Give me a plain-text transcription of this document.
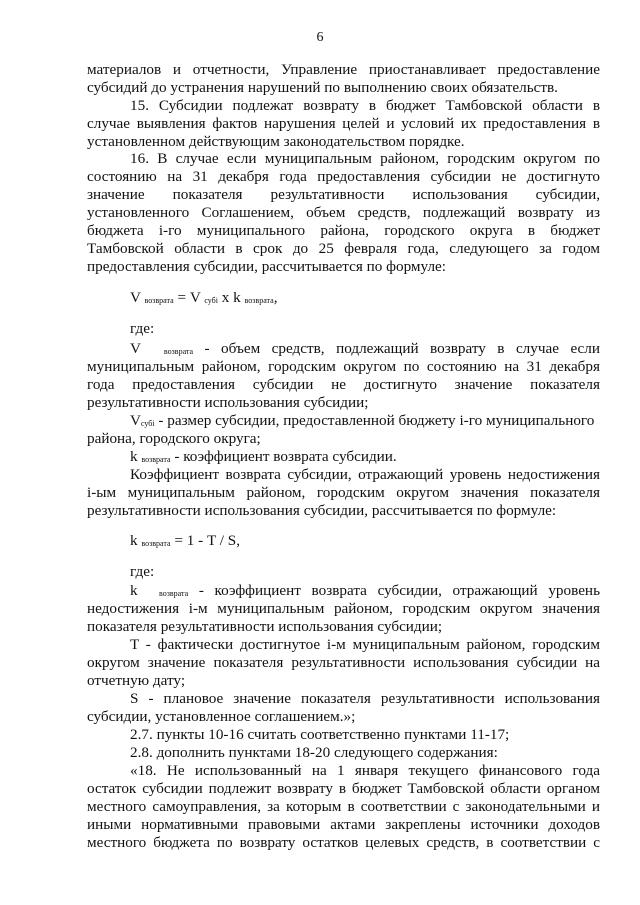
6
материалов и отчетности, Управление приостанавливает предоставление
субсидий до устранения нарушений по выполнению своих обязательств.
15. Субсидии подлежат возврату в бюджет Тамбовской области в
случае выявления фактов нарушения целей и условий их предоставления в
установленном действующим законодательством порядке.
16. В случае если муниципальным районом, городским округом по
состоянию на 31 декабря года предоставления субсидии не достигнуто
значение показателя результативности использования субсидии,
установленного Соглашением, объем средств, подлежащий возврату из
бюджета i-го муниципального района, городского округа в бюджет
Тамбовской области в срок до 25 февраля года, следующего за годом
предоставления субсидии, рассчитывается по формуле:
V возврата = V субi x k возврата,
где:
V	возврата - объем средств, подлежащий возврату в случае если
муниципальным районом, городским округом по состоянию на 31 декабря
года предоставления субсидии не достигнуто значение показателя
результативности использования субсидии;
Vсубi - размер субсидии, предоставленной бюджету i-го муниципального
района, городского округа;
k возврата - коэффициент возврата субсидии.
Коэффициент возврата субсидии, отражающий уровень недостижения
i-ым муниципальным районом, городским округом значения показателя
результативности использования субсидии, рассчитывается по формуле:
k возврата = 1 - T / S,
где:
k	возврата - коэффициент возврата субсидии, отражающий уровень
недостижения i-м муниципальным районом, городским округом значения
показателя результативности использования субсидии;
T - фактически достигнутое i-м муниципальным районом, городским
округом значение показателя результативности использования субсидии на
отчетную дату;
S - плановое значение показателя результативности использования
субсидии, установленное соглашением.»;
2.7. пункты 10-16 считать соответственно пунктами 11-17;
2.8. дополнить пунктами 18-20 следующего содержания:
«18. Не использованный на 1 января текущего финансового года
остаток субсидии подлежит возврату в бюджет Тамбовской области органом
местного самоуправления, за которым в соответствии с законодательными и
иными нормативными правовыми актами закреплены источники доходов
местного бюджета по возврату остатков целевых средств, в соответствии с
